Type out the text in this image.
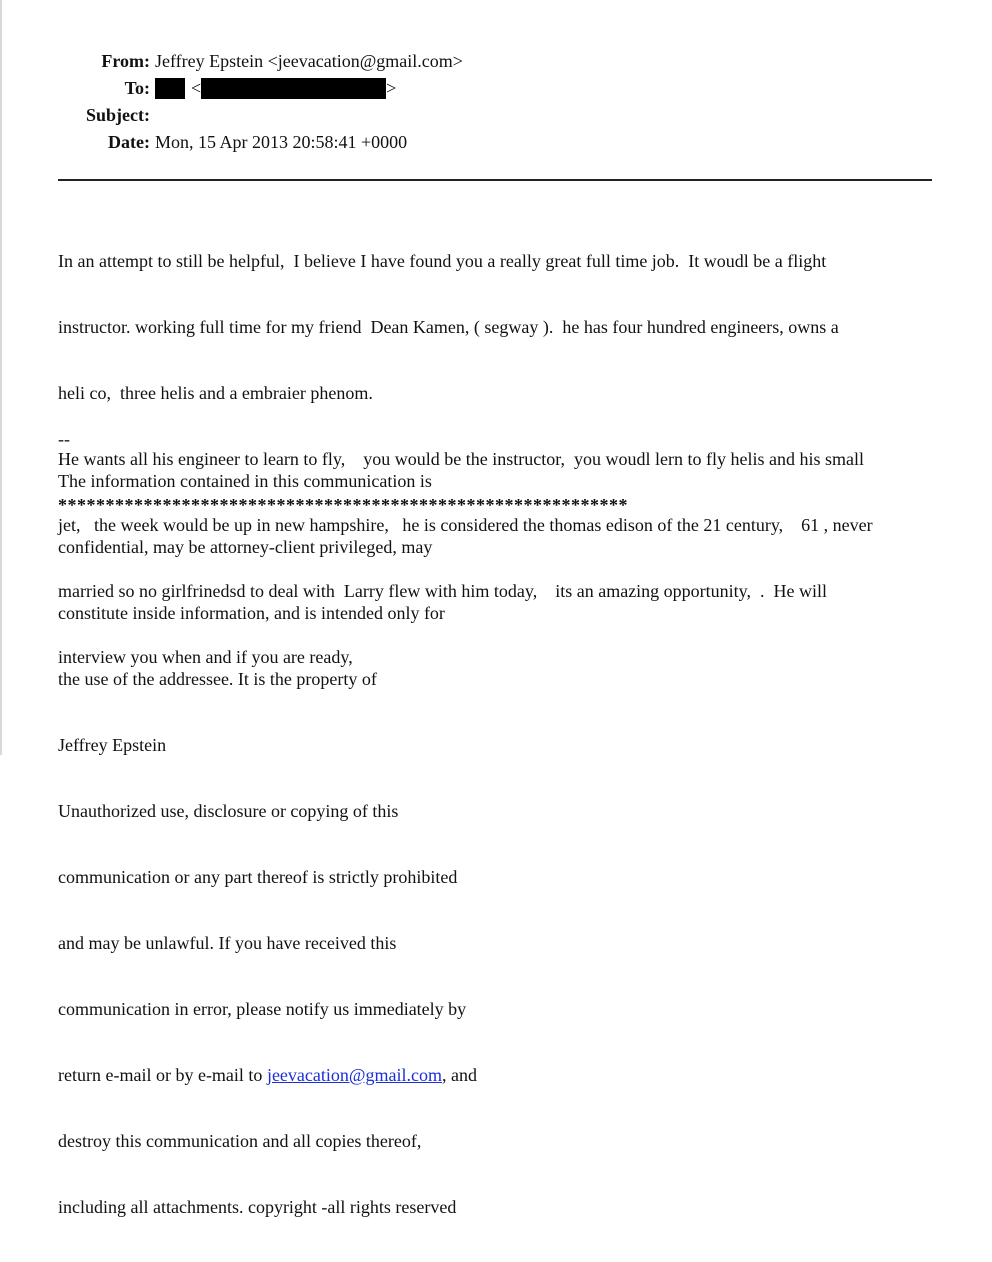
From: Jeffrey Epstein <jeevacation@gmail.com>
To: <	>
Subject:
Date: Mon, 15 Apr 2013 20:58:41 +0000

In an attempt to still be helpful,  I believe I have found you a really great full time job.  It woudl be a flight

instructor. working full time for my friend  Dean Kamen, ( segway ).  he has four hundred engineers, owns a

heli co,  three helis and a embraier phenom.

He wants all his engineer to learn to fly,    you would be the instructor,  you woudl lern to fly helis and his small

jet,   the week would be up in new hampshire,   he is considered the thomas edison of the 21 century,    61 , never

married so no girlfrinedsd to deal with  Larry flew with him today,    its an amazing opportunity,  .  He will

interview you when and if you are ready,

--

************************************************************

The information contained in this communication is

confidential, may be attorney-client privileged, may

constitute inside information, and is intended only for

the use of the addressee. It is the property of

Jeffrey Epstein

Unauthorized use, disclosure or copying of this

communication or any part thereof is strictly prohibited

and may be unlawful. If you have received this

communication in error, please notify us immediately by

return e-mail or by e-mail to jeevacation@gmail.com, and

destroy this communication and all copies thereof,

including all attachments. copyright -all rights reserved
